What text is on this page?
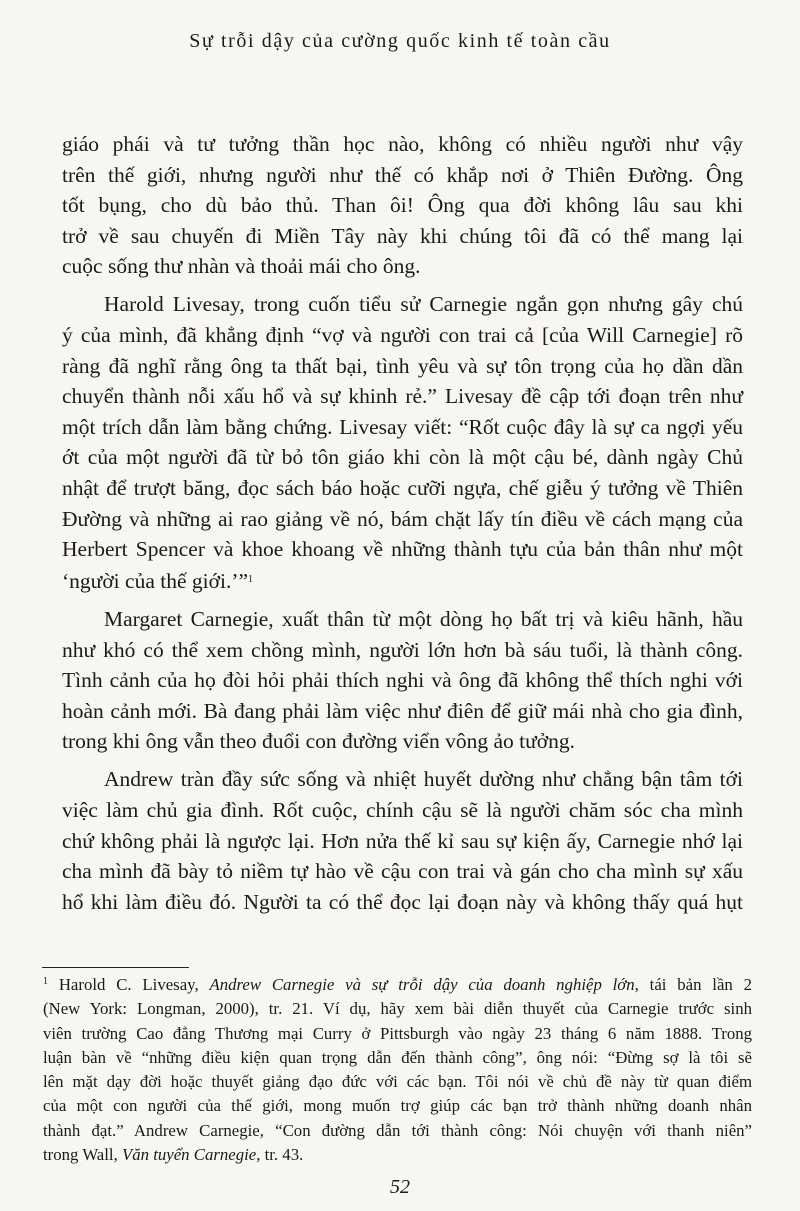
Sự trỗi dậy của cường quốc kinh tế toàn cầu

giáo phái và tư tưởng thần học nào, không có nhiều người như vậy
trên thế giới, nhưng người như thế có khắp nơi ở Thiên Đường. Ông
tốt bụng, cho dù bảo thủ. Than ôi! Ông qua đời không lâu sau khi
trở về sau chuyến đi Miền Tây này khi chúng tôi đã có thể mang lại
cuộc sống thư nhàn và thoải mái cho ông.

Harold Livesay, trong cuốn tiểu sử Carnegie ngắn gọn nhưng gây chú
ý của mình, đã khẳng định “vợ và người con trai cả [của Will Carnegie] rõ
ràng đã nghĩ rằng ông ta thất bại, tình yêu và sự tôn trọng của họ dần dần
chuyển thành nỗi xấu hổ và sự khinh rẻ.” Livesay đề cập tới đoạn trên như
một trích dẫn làm bằng chứng. Livesay viết: “Rốt cuộc đây là sự ca ngợi yếu
ớt của một người đã từ bỏ tôn giáo khi còn là một cậu bé, dành ngày Chủ
nhật để trượt băng, đọc sách báo hoặc cưỡi ngựa, chế giễu ý tưởng về Thiên
Đường và những ai rao giảng về nó, bám chặt lấy tín điều về cách mạng của
Herbert Spencer và khoe khoang về những thành tựu của bản thân như một
‘người của thế giới.’”$^1$

Margaret Carnegie, xuất thân từ một dòng họ bất trị và kiêu hãnh, hầu
như khó có thể xem chồng mình, người lớn hơn bà sáu tuổi, là thành công.
Tình cảnh của họ đòi hỏi phải thích nghi và ông đã không thể thích nghi với
hoàn cảnh mới. Bà đang phải làm việc như điên để giữ mái nhà cho gia đình,
trong khi ông vẫn theo đuổi con đường viển vông ảo tưởng.

Andrew tràn đầy sức sống và nhiệt huyết dường như chẳng bận tâm tới
việc làm chủ gia đình. Rốt cuộc, chính cậu sẽ là người chăm sóc cha mình
chứ không phải là ngược lại. Hơn nửa thế kỉ sau sự kiện ấy, Carnegie nhớ lại
cha mình đã bày tỏ niềm tự hào về cậu con trai và gán cho cha mình sự xấu
hổ khi làm điều đó. Người ta có thể đọc lại đoạn này và không thấy quá hụt

$^1$ Harold C. Livesay, Andrew Carnegie và sự trỗi dậy của doanh nghiệp lớn, tái bản lần 2
(New York: Longman, 2000), tr. 21. Ví dụ, hãy xem bài diễn thuyết của Carnegie trước sinh
viên trường Cao đẳng Thương mại Curry ở Pittsburgh vào ngày 23 tháng 6 năm 1888. Trong
luận bàn về “những điều kiện quan trọng dẫn đến thành công”, ông nói: “Đừng sợ là tôi sẽ
lên mặt dạy đời hoặc thuyết giảng đạo đức với các bạn. Tôi nói về chủ đề này từ quan điểm
của một con người của thế giới, mong muốn trợ giúp các bạn trở thành những doanh nhân
thành đạt.” Andrew Carnegie, “Con đường dẫn tới thành công: Nói chuyện với thanh niên”
trong Wall, Văn tuyển Carnegie, tr. 43.
52
